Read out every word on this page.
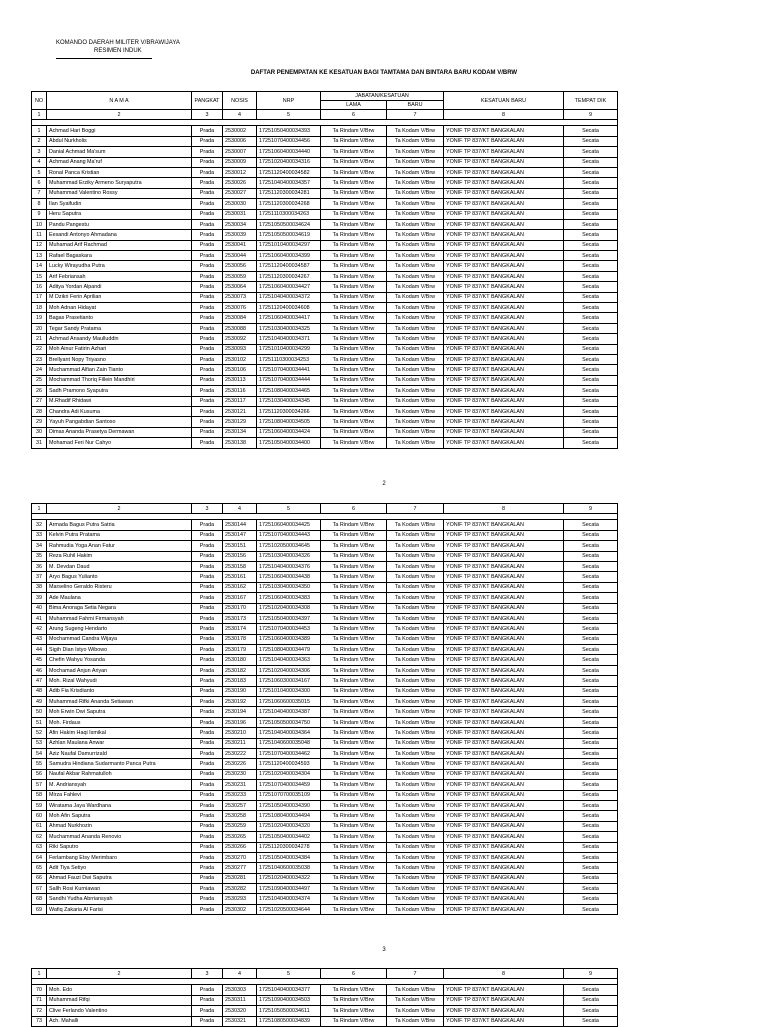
KOMANDO DAERAH MILITER V/BRAWIJAYA
RESIMEN INDUK
DAFTAR PENEMPATAN KE KESATUAN BAGI TAMTAMA DAN BINTARA BARU KODAM V/BRW
NO	N A M A	PANGKAT	NOSIS	NRP	JABATAN/KESATUAN		KESATUAN BARU	TEMPAT DIK
					LAMA	BARU		
1	2	3	4	5	6	7	8	9

1	Achmad Hari Boggi	Prada	2530002	17251050400034393	Ta Rindam V/Brw	Ta Kodam V/Brw	YONIF TP 837/KT BANGKALAN	Secata
2	Abdul Nurkholis	Prada	2530006	17251070400034456	Ta Rindam V/Brw	Ta Kodam V/Brw	YONIF TP 837/KT BANGKALAN	Secata
3	Danial Achmad Ma'sum	Prada	2530007	17251060400034440	Ta Rindam V/Brw	Ta Kodam V/Brw	YONIF TP 837/KT BANGKALAN	Secata
4	Achmad Anang Ma'ruf	Prada	2530009	17251020400034316	Ta Rindam V/Brw	Ta Kodam V/Brw	YONIF TP 837/KT BANGKALAN	Secata
5	Ronal Panca Kristian	Prada	2530012	17251120400034582	Ta Rindam V/Brw	Ta Kodam V/Brw	YONIF TP 837/KT BANGKALAN	Secata
6	Muhammad Erziky Armeno Suryaputra	Prada	2530026	17251040400034357	Ta Rindam V/Brw	Ta Kodam V/Brw	YONIF TP 837/KT BANGKALAN	Secata
7	Muhammad Valentino Rossy	Prada	2530027	17251120300034281	Ta Rindam V/Brw	Ta Kodam V/Brw	YONIF TP 837/KT BANGKALAN	Secata
8	Ilan Syaifudin	Prada	2530030	17251120300034268	Ta Rindam V/Brw	Ta Kodam V/Brw	YONIF TP 837/KT BANGKALAN	Secata
9	Heru Saputra	Prada	2530031	17251110300034263	Ta Rindam V/Brw	Ta Kodam V/Brw	YONIF TP 837/KT BANGKALAN	Secata
10	Pandu Pangestu	Prada	2530034	17251050500034624	Ta Rindam V/Brw	Ta Kodam V/Brw	YONIF TP 837/KT BANGKALAN	Secata
11	Eesandi Antonyo Ahmadana	Prada	2530039	17251050500034619	Ta Rindam V/Brw	Ta Kodam V/Brw	YONIF TP 837/KT BANGKALAN	Secata
12	Muhamad Arif Rachmad	Prada	2530041	17251010400034297	Ta Rindam V/Brw	Ta Kodam V/Brw	YONIF TP 837/KT BANGKALAN	Secata
13	Rafael Bagaskara	Prada	2530044	17251060400034399	Ta Rindam V/Brw	Ta Kodam V/Brw	YONIF TP 837/KT BANGKALAN	Secata
14	Lucky Wirayudha Putra	Prada	2530056	17251120400034587	Ta Rindam V/Brw	Ta Kodam V/Brw	YONIF TP 837/KT BANGKALAN	Secata
15	Arif Febriansah	Prada	2530059	17251120300034267	Ta Rindam V/Brw	Ta Kodam V/Brw	YONIF TP 837/KT BANGKALAN	Secata
16	Aditya Yordan Alpandi	Prada	2530064	17251060400034427	Ta Rindam V/Brw	Ta Kodam V/Brw	YONIF TP 837/KT BANGKALAN	Secata
17	M Dzikri Ferin Aprilian	Prada	2530073	17251040400034372	Ta Rindam V/Brw	Ta Kodam V/Brw	YONIF TP 837/KT BANGKALAN	Secata
18	Moh Adnan Hidayat	Prada	2530076	17251120400034608	Ta Rindam V/Brw	Ta Kodam V/Brw	YONIF TP 837/KT BANGKALAN	Secata
19	Bagas Prasetianto	Prada	2530084	17251060400034417	Ta Rindam V/Brw	Ta Kodam V/Brw	YONIF TP 837/KT BANGKALAN	Secata
20	Tegar Sandy Pratama	Prada	2530088	17251030400034325	Ta Rindam V/Brw	Ta Kodam V/Brw	YONIF TP 837/KT BANGKALAN	Secata
21	Achmad Ansandy Maulluddin	Prada	2530092	17251040400034371	Ta Rindam V/Brw	Ta Kodam V/Brw	YONIF TP 837/KT BANGKALAN	Secata
22	Moh Ainur Fatirin Azhari	Prada	2530093	17251010400034299	Ta Rindam V/Brw	Ta Kodam V/Brw	YONIF TP 837/KT BANGKALAN	Secata
23	Brellyant Nopy Triyasno	Prada	2530102	17251110300034253	Ta Rindam V/Brw	Ta Kodam V/Brw	YONIF TP 837/KT BANGKALAN	Secata
24	Muchammad Alfian Zain Tianto	Prada	2530106	17251070400034441	Ta Rindam V/Brw	Ta Kodam V/Brw	YONIF TP 837/KT BANGKALAN	Secata
25	Mochammad Thoriq Fillein Mandhiri	Prada	2530113	17251070400034444	Ta Rindam V/Brw	Ta Kodam V/Brw	YONIF TP 837/KT BANGKALAN	Secata
26	Sadh Pramono Syaputra	Prada	2530116	17251080400034465	Ta Rindam V/Brw	Ta Kodam V/Brw	YONIF TP 837/KT BANGKALAN	Secata
27	M.Rhadif Rhidawi	Prada	2530117	17251030400034345	Ta Rindam V/Brw	Ta Kodam V/Brw	YONIF TP 837/KT BANGKALAN	Secata
28	Chandra Adi Kusuma	Prada	2530121	17251120300034266	Ta Rindam V/Brw	Ta Kodam V/Brw	YONIF TP 837/KT BANGKALAN	Secata
29	Yayuh Pangabdian Santoso	Prada	2530129	17251080400034505	Ta Rindam V/Brw	Ta Kodam V/Brw	YONIF TP 837/KT BANGKALAN	Secata
30	Dimas Ananda Prasetya Dermawan	Prada	2530134	17251060400034424	Ta Rindam V/Brw	Ta Kodam V/Brw	YONIF TP 837/KT BANGKALAN	Secata
31	Mohamad Feri Nur Cahyo	Prada	2530138	17251050400034400	Ta Rindam V/Brw	Ta Kodam V/Brw	YONIF TP 837/KT BANGKALAN	Secata
2
1	2	3	4	5	6	7	8	9

32	Armada Bagus Putra Satria	Prada	2530144	17251060400034425	Ta Rindam V/Brw	Ta Kodam V/Brw	YONIF TP 837/KT BANGKALAN	Secata
33	Kelvin Putra Pratama	Prada	2530147	17251070400034443	Ta Rindam V/Brw	Ta Kodam V/Brw	YONIF TP 837/KT BANGKALAN	Secata
34	Rahmudia Yoga Anan Fatur	Prada	2530151	17251020500034645	Ta Rindam V/Brw	Ta Kodam V/Brw	YONIF TP 837/KT BANGKALAN	Secata
35	Reza Ruhil Hakim	Prada	2530156	17251030400034326	Ta Rindam V/Brw	Ta Kodam V/Brw	YONIF TP 837/KT BANGKALAN	Secata
36	M. Devdan Daud	Prada	2530158	17251040400034376	Ta Rindam V/Brw	Ta Kodam V/Brw	YONIF TP 837/KT BANGKALAN	Secata
37	Aryo Bagus Yulianto	Prada	2530161	17251060400034438	Ta Rindam V/Brw	Ta Kodam V/Brw	YONIF TP 837/KT BANGKALAN	Secata
38	Marselino Geraldo Risteru	Prada	2530162	17251030400034350	Ta Rindam V/Brw	Ta Kodam V/Brw	YONIF TP 837/KT BANGKALAN	Secata
39	Ade Maulana	Prada	2530167	17251060400034383	Ta Rindam V/Brw	Ta Kodam V/Brw	YONIF TP 837/KT BANGKALAN	Secata
40	Bima Anoraga Setia Negara	Prada	2530170	17251020400034308	Ta Rindam V/Brw	Ta Kodam V/Brw	YONIF TP 837/KT BANGKALAN	Secata
41	Muhammad Fahmi Firmansyah	Prada	2530173	17251050400034397	Ta Rindam V/Brw	Ta Kodam V/Brw	YONIF TP 837/KT BANGKALAN	Secata
42	Arung Sugeng Hendarto	Prada	2530174	17251070400034453	Ta Rindam V/Brw	Ta Kodam V/Brw	YONIF TP 837/KT BANGKALAN	Secata
43	Mochammad Candra Wijaya	Prada	2530178	17251060400034389	Ta Rindam V/Brw	Ta Kodam V/Brw	YONIF TP 837/KT BANGKALAN	Secata
44	Sigih Dian Istyo Wibowo	Prada	2530179	17251080400034479	Ta Rindam V/Brw	Ta Kodam V/Brw	YONIF TP 837/KT BANGKALAN	Secata
45	Chefin Wahyu Yosanda	Prada	2530180	17251040400034363	Ta Rindam V/Brw	Ta Kodam V/Brw	YONIF TP 837/KT BANGKALAN	Secata
46	Mochamad Anjun Ariyan	Prada	2530182	17251020400034306	Ta Rindam V/Brw	Ta Kodam V/Brw	YONIF TP 837/KT BANGKALAN	Secata
47	Moh. Rizal Wahyudi	Prada	2530183	17251060300034167	Ta Rindam V/Brw	Ta Kodam V/Brw	YONIF TP 837/KT BANGKALAN	Secata
48	Adib Fia Krisdianto	Prada	2530190	17251010400034300	Ta Rindam V/Brw	Ta Kodam V/Brw	YONIF TP 837/KT BANGKALAN	Secata
49	Muhammad Rifki Ananda Setiawan	Prada	2530192	17251060600035015	Ta Rindam V/Brw	Ta Kodam V/Brw	YONIF TP 837/KT BANGKALAN	Secata
50	Moh Erwin Dwi Saputra	Prada	2530194	17251040400034387	Ta Rindam V/Brw	Ta Kodam V/Brw	YONIF TP 837/KT BANGKALAN	Secata
51	Moh. Firdaus	Prada	2530196	17251050500034750	Ta Rindam V/Brw	Ta Kodam V/Brw	YONIF TP 837/KT BANGKALAN	Secata
52	Afin Hakim Haqi Ismikal	Prada	2530210	17251040400034364	Ta Rindam V/Brw	Ta Kodam V/Brw	YONIF TP 837/KT BANGKALAN	Secata
53	Azhlan Maulana Anwar	Prada	2530211	17251040600035048	Ta Rindam V/Brw	Ta Kodam V/Brw	YONIF TP 837/KT BANGKALAN	Secata
54	Aziz Naufal Damurrizald	Prada	2530222	17251070400034462	Ta Rindam V/Brw	Ta Kodam V/Brw	YONIF TP 837/KT BANGKALAN	Secata
55	Samudra Hindiana Sudarmanto Panca Putra	Prada	2530226	17251120400034593	Ta Rindam V/Brw	Ta Kodam V/Brw	YONIF TP 837/KT BANGKALAN	Secata
56	Naufal Akbar Rahmatulloh	Prada	2530230	17251020400034304	Ta Rindam V/Brw	Ta Kodam V/Brw	YONIF TP 837/KT BANGKALAN	Secata
57	M. Andriansyah	Prada	2530231	17251070400034459	Ta Rindam V/Brw	Ta Kodam V/Brw	YONIF TP 837/KT BANGKALAN	Secata
58	Mirza Fahlevi	Prada	2530233	17251070700035109	Ta Rindam V/Brw	Ta Kodam V/Brw	YONIF TP 837/KT BANGKALAN	Secata
59	Wiratama Jaya Wardhana	Prada	2530257	17251050400034390	Ta Rindam V/Brw	Ta Kodam V/Brw	YONIF TP 837/KT BANGKALAN	Secata
60	Moh Afin Saputra	Prada	2530258	17251080400034494	Ta Rindam V/Brw	Ta Kodam V/Brw	YONIF TP 837/KT BANGKALAN	Secata
61	Ahmad Nurkhozin	Prada	2530259	17251020400034320	Ta Rindam V/Brw	Ta Kodam V/Brw	YONIF TP 837/KT BANGKALAN	Secata
62	Muchammad Ananda Renovio	Prada	2530265	17251050400034402	Ta Rindam V/Brw	Ta Kodam V/Brw	YONIF TP 837/KT BANGKALAN	Secata
63	Riki Saputro	Prada	2530266	17251120300034278	Ta Rindam V/Brw	Ta Kodam V/Brw	YONIF TP 837/KT BANGKALAN	Secata
64	Ferlambang Etsy Merimbaro	Prada	2530270	17251050400034384	Ta Rindam V/Brw	Ta Kodam V/Brw	YONIF TP 837/KT BANGKALAN	Secata
65	Adit Tiya Setiyo	Prada	2530277	17251040600035038	Ta Rindam V/Brw	Ta Kodam V/Brw	YONIF TP 837/KT BANGKALAN	Secata
66	Ahmad Fauzi Dwi Saputra	Prada	2530281	17251020400034322	Ta Rindam V/Brw	Ta Kodam V/Brw	YONIF TP 837/KT BANGKALAN	Secata
67	Sallh Rosi Kurniawan	Prada	2530282	17251090400034497	Ta Rindam V/Brw	Ta Kodam V/Brw	YONIF TP 837/KT BANGKALAN	Secata
68	Sandhi Yudha Abrriansyah	Prada	2530293	17251040400034374	Ta Rindam V/Brw	Ta Kodam V/Brw	YONIF TP 837/KT BANGKALAN	Secata
69	Wafiq Zakaria Al Farisi	Prada	2530302	17251020500034644	Ta Rindam V/Brw	Ta Kodam V/Brw	YONIF TP 837/KT BANGKALAN	Secata
3
1	2	3	4	5	6	7	8	9

70	Moh. Edo	Prada	2530303	17251040400034377	Ta Rindam V/Brw	Ta Kodam V/Brw	YONIF TP 837/KT BANGKALAN	Secata
71	Muhammad Rifqi	Prada	2530311	17251090400034503	Ta Rindam V/Brw	Ta Kodam V/Brw	YONIF TP 837/KT BANGKALAN	Secata
72	Clive Ferlando Valentino	Prada	2530320	17251050500034611	Ta Rindam V/Brw	Ta Kodam V/Brw	YONIF TP 837/KT BANGKALAN	Secata
73	Ach. Mahalli	Prada	2530321	17251080500034839	Ta Rindam V/Brw	Ta Kodam V/Brw	YONIF TP 837/KT BANGKALAN	Secata
